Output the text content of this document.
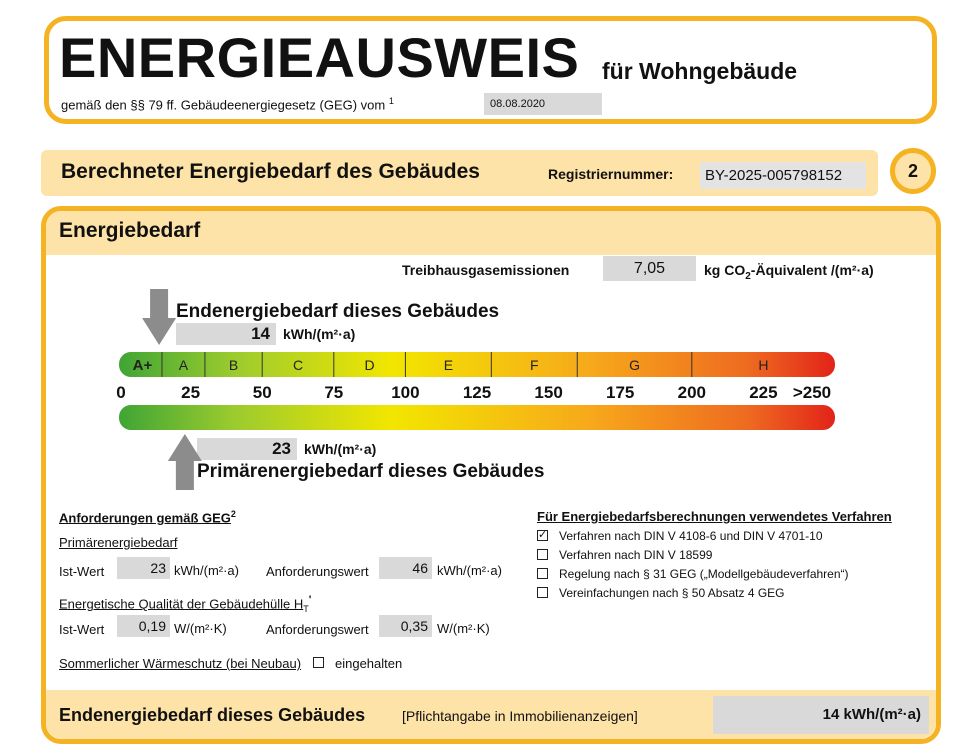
ENERGIEAUSWEIS für Wohngebäude
gemäß den §§ 79 ff. Gebäudeenergiegesetz (GEG) vom $^1$	08.08.2020
Berechneter Energiebedarf des Gebäudes	Registriernummer:	BY-2025-005798152	2
Energiebedarf
Treibhausgasemissionen	7,05	kg $CO_2$-Äquivalent /(m²·a)
Endenergiebedarf dieses Gebäudes
14 kWh/(m²·a)
23 kWh/(m²·a)
Primärenergiebedarf dieses Gebäudes
A+ A	B	C	D	E	F	G	H
0	25	50	75	100	125	150	175	200	225 >250
Anforderungen gemäß GEG$^2$
Primärenergiebedarf
Ist-Wert	23 kWh/(m²·a) Anforderungswert	46 kWh/(m²·a)
Energetische Qualität der Gebäudehülle $H_T'$
Ist-Wert	0,19 W/(m²·K)	Anforderungswert	0,35 W/(m²·K)
Sommerlicher Wärmeschutz (bei Neubau)	eingehalten
Für Energiebedarfsberechnungen verwendetes Verfahren
✓ Verfahren nach DIN V 4108-6 und DIN V 4701-10
Verfahren nach DIN V 18599
Regelung nach § 31 GEG („Modellgebäudeverfahren“)
Vereinfachungen nach § 50 Absatz 4 GEG
Endenergiebedarf dieses Gebäudes	[Pflichtangabe in Immobilienanzeigen]	14 kWh/(m²·a)
